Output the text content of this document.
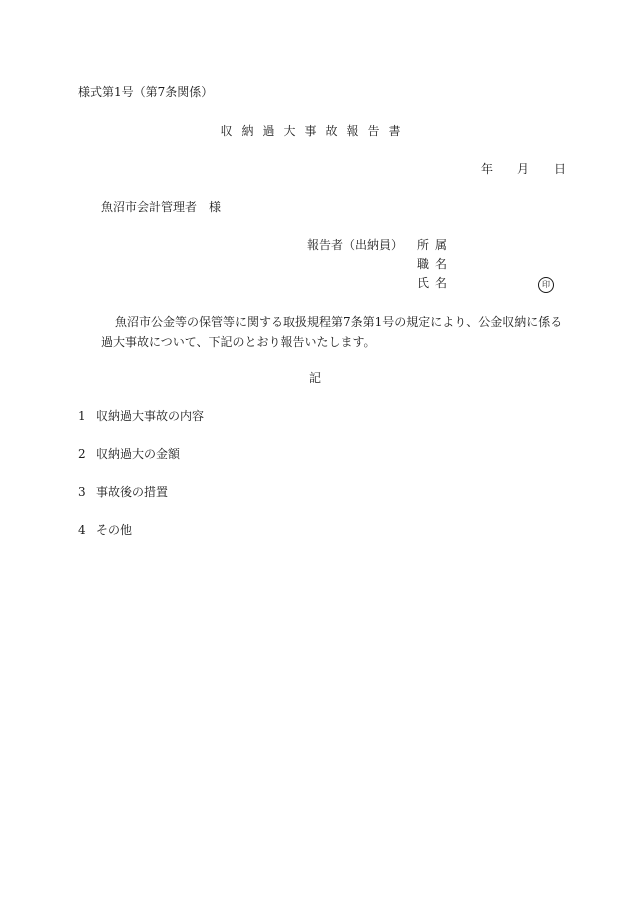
様式第1号（第7条関係）
収納過大事故報告書
年 月 日
魚沼市会計管理者　様
報告者（出納員） 所属
職名
氏名	印
魚沼市公金等の保管等に関する取扱規程第7条第1号の規定により、公金収納に係る過大事故について、下記のとおり報告いたします。
記
1 収納過大事故の内容
2 収納過大の金額
3 事故後の措置
4 その他
